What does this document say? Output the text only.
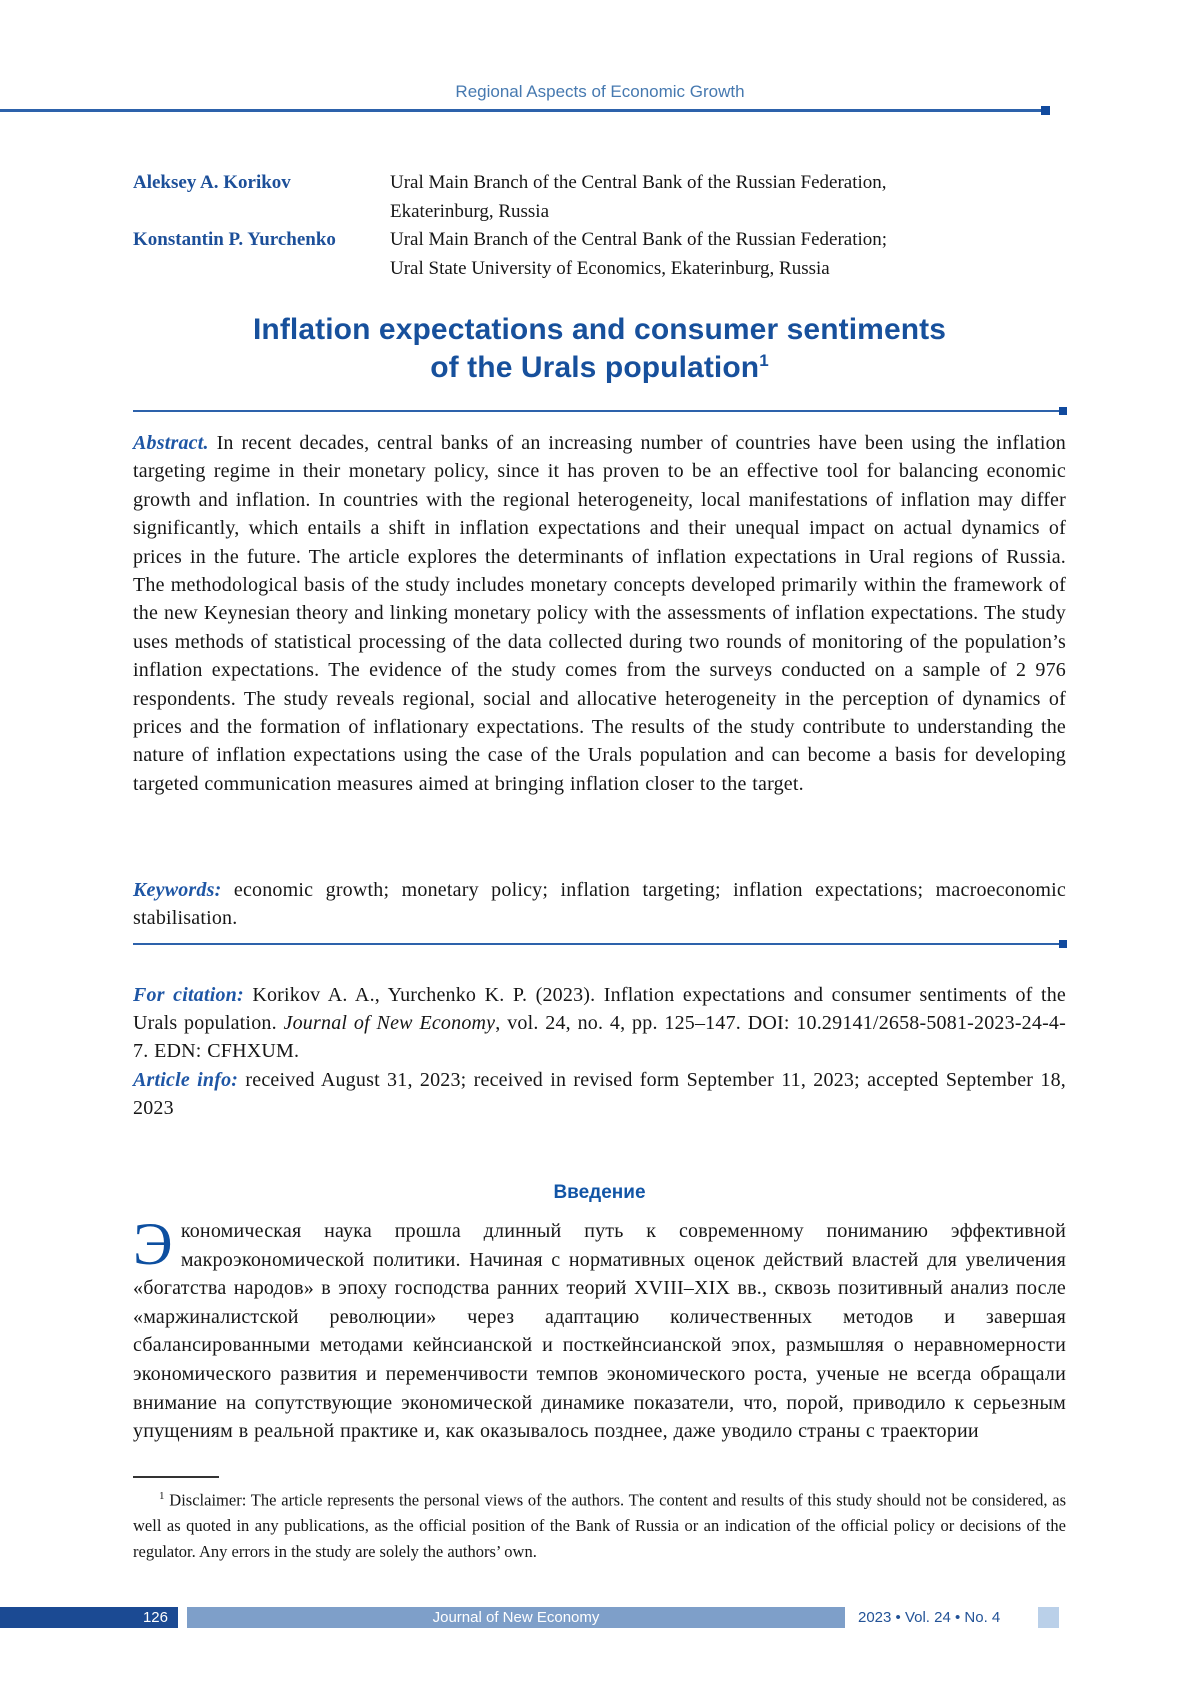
Regional Aspects of Economic Growth
Aleksey A. Korikov	Ural Main Branch of the Central Bank of the Russian Federation,
Ekaterinburg, Russia
Konstantin P. Yurchenko	Ural Main Branch of the Central Bank of the Russian Federation;
Ural State University of Economics, Ekaterinburg, Russia
Inflation expectations and consumer sentiments
of the Urals population$^1$

Abstract. In recent decades, central banks of an increasing number of countries have been using the inflation targeting regime in their monetary policy, since it has proven to be an effective tool for balancing economic growth and inflation. In countries with the regional heterogeneity, local manifestations of inflation may differ significantly, which entails a shift in inflation expectations and their unequal impact on actual dynamics of prices in the future. The article explores the determinants of inflation expectations in Ural regions of Russia. The methodological basis of the study includes monetary concepts developed primarily within the framework of the new Keynesian theory and linking monetary policy with the assessments of inflation expectations. The study uses methods of statistical processing of the data collected during two rounds of monitoring of the population’s inflation expectations. The evidence of the study comes from the surveys conducted on a sample of 2 976 respondents. The study reveals regional, social and allocative heterogeneity in the perception of dynamics of prices and the formation of inflationary expectations. The results of the study contribute to understanding the nature of inflation expectations using the case of the Urals population and can become a basis for developing targeted communication measures aimed at bringing inflation closer to the target.

Keywords: economic growth; monetary policy; inflation targeting; inflation expectations; macroeconomic stabilisation.

For citation: Korikov A. A., Yurchenko K. P. (2023). Inflation expectations and consumer sentiments of the Urals population. Journal of New Economy, vol. 24, no. 4, pp. 125–147. DOI: 10.29141/2658-5081-2023-24-4-7. EDN: CFHXUM.

Article info: received August 31, 2023; received in revised form September 11, 2023; accepted September 18, 2023

Введение

Экономическая наука прошла длинный путь к современному пониманию эффективной макроэкономической политики. Начиная с нормативных оценок действий властей для увеличения «богатства народов» в эпоху господства ранних теорий XVIII–XIX вв., сквозь позитивный анализ после «маржиналистской революции» через адаптацию количественных методов и завершая сбалансированными методами кейнсианской и посткейнсианской эпох, размышляя о неравномерности экономического развития и переменчивости темпов экономического роста, ученые не всегда обращали внимание на сопутствующие экономической динамике показатели, что, порой, приводило к серьезным упущениям в реальной практике и, как оказывалось позднее, даже уводило страны с траектории

$^1$ Disclaimer: The article represents the personal views of the authors. The content and results of this study should not be considered, as well as quoted in any publications, as the official position of the Bank of Russia or an indication of the official policy or decisions of the regulator. Any errors in the study are solely the authors’ own.

126	Journal of New Economy	2023 • Vol. 24 • No. 4
